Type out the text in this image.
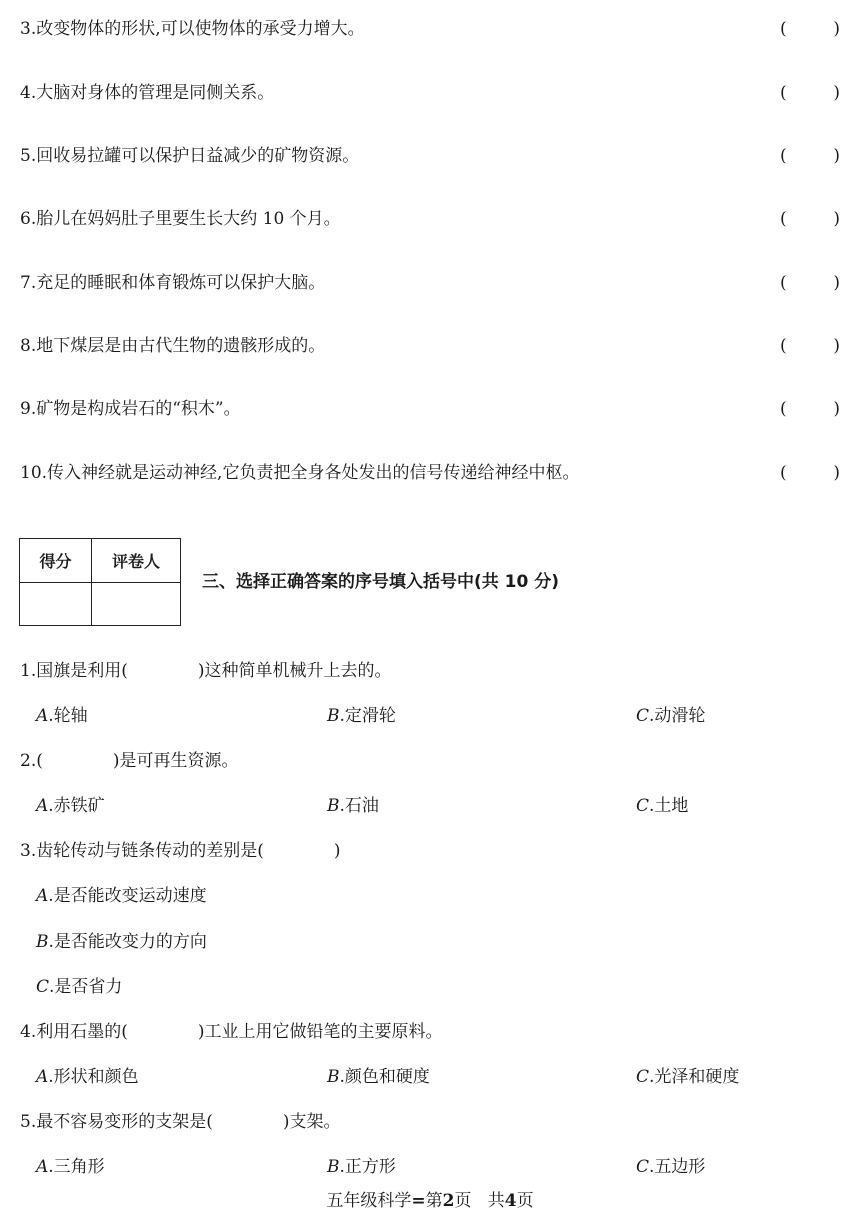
3.改变物体的形状,可以使物体的承受力增大。	(	)
4.大脑对身体的管理是同侧关系。	(	)
5.回收易拉罐可以保护日益减少的矿物资源。	(	)
6.胎儿在妈妈肚子里要生长大约 10 个月。	(	)
7.充足的睡眠和体育锻炼可以保护大脑。	(	)
8.地下煤层是由古代生物的遗骸形成的。	(	)
9.矿物是构成岩石的“积木”。	(	)
10.传入神经就是运动神经,它负责把全身各处发出的信号传递给神经中枢。	(	)
得分	评卷人
三、选择正确答案的序号填入括号中(共 10 分)
1.国旗是利用(	)这种简单机械升上去的。
A.轮轴	B.定滑轮	C.动滑轮
2.(	)是可再生资源。
A.赤铁矿	B.石油	C.土地
3.齿轮传动与链条传动的差别是(	)
A.是否能改变运动速度
B.是否能改变力的方向
C.是否省力
4.利用石墨的(	)工业上用它做铅笔的主要原料。
A.形状和颜色	B.颜色和硬度	C.光泽和硬度
5.最不容易变形的支架是(	)支架。
A.三角形	B.正方形	C.五边形
五年级科学=第2页 共4页
